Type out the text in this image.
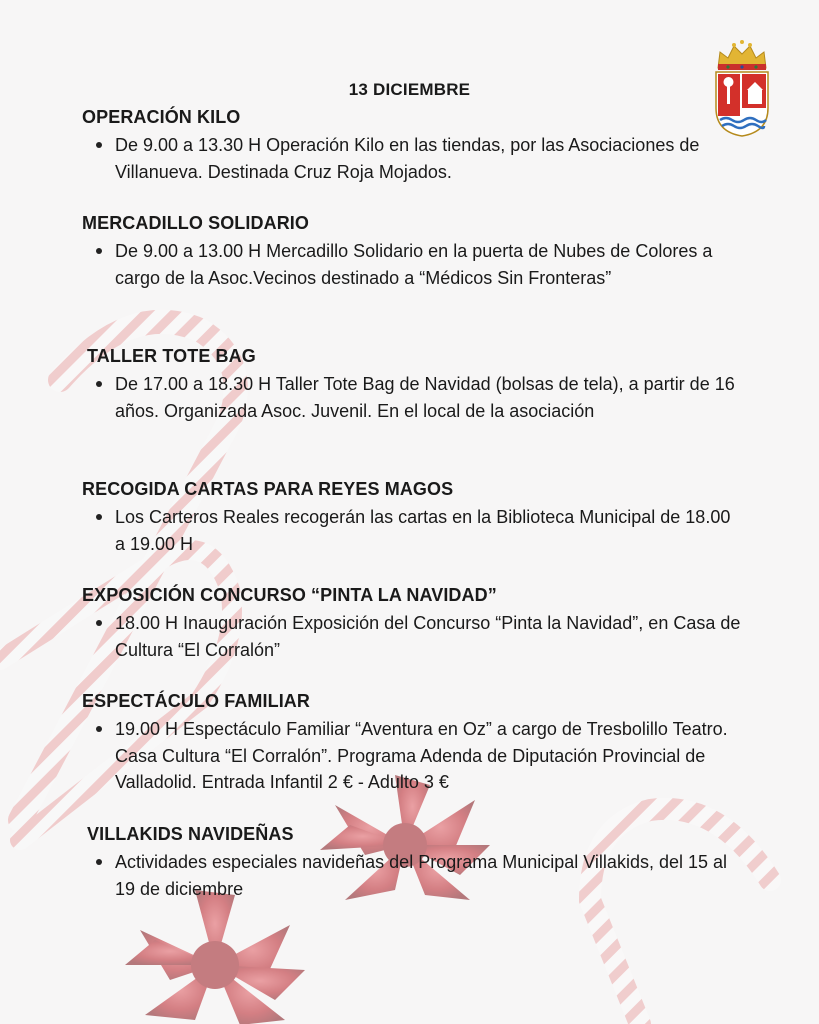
13 DICIEMBRE
OPERACIÓN KILO
De 9.00 a 13.30 H Operación Kilo en las tiendas, por las Asociaciones de Villanueva. Destinada Cruz Roja Mojados.
MERCADILLO SOLIDARIO
De 9.00 a 13.00 H Mercadillo Solidario en la puerta de Nubes de Colores a cargo de la Asoc.Vecinos destinado a “Médicos Sin Fronteras”
TALLER TOTE BAG
De 17.00 a 18.30 H Taller Tote Bag de Navidad (bolsas de tela), a partir de 16 años. Organizada Asoc. Juvenil. En el local de la asociación
RECOGIDA CARTAS PARA REYES MAGOS
Los Carteros Reales recogerán las cartas en la Biblioteca Municipal de 18.00 a 19.00 H
EXPOSICIÓN CONCURSO “PINTA LA NAVIDAD”
18.00 H Inauguración Exposición del Concurso “Pinta la Navidad”, en Casa de Cultura “El Corralón”
ESPECTÁCULO FAMILIAR
19.00 H Espectáculo Familiar “Aventura en Oz” a cargo de Tresbolillo Teatro. Casa Cultura “El Corralón”. Programa Adenda de Diputación Provincial de Valladolid. Entrada Infantil 2 € - Adulto 3 €
VILLAKIDS NAVIDEÑAS
Actividades especiales navideñas del Programa Municipal Villakids, del 15 al 19 de diciembre
